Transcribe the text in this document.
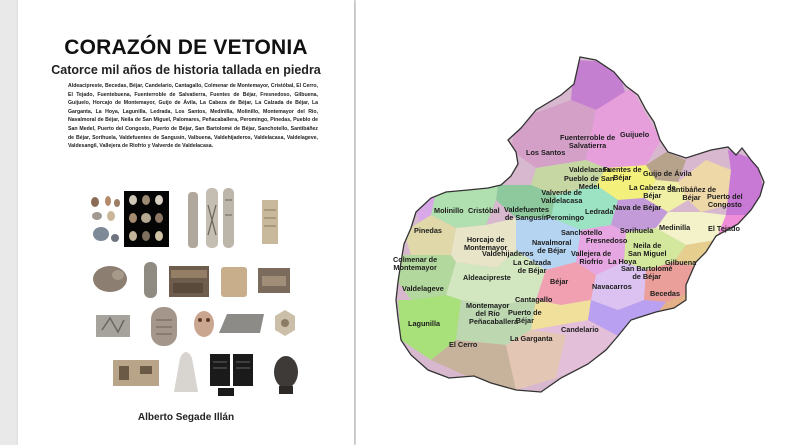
CORAZÓN DE VETONIA
Catorce mil años de historia tallada en piedra
Aldeacipreste, Becedas, Béjar, Candelario, Cantagallo, Colmenar de Montemayor, Cristóbal, El Cerro, El Tejado, Fuentebuena, Fuenterroble de Salvatierra, Fuentes de Béjar, Fresnedoso, Gilbuena, Guijuelo, Horcajo de Montemayor, Guijo de Ávila, La Cabeza de Béjar, La Calzada de Béjar, La Garganta, La Hoya, Lagunilla, Ledrada, Los Santos, Medinilla, Molinillo, Montemayor del Río, Navalmoral de Béjar, Neila de San Miguel, Palomares, Peñacaballera, Peromingo, Pinedas, Pueblo de San Medel, Puerto del Congosto, Puerto de Béjar, San Bartolomé de Béjar, Sanchotello, Santibáñez de Béjar, Sorihuela, Valdefuentes de Sangusín, Valbuena, Valdehijaderos, Valdelacasa, Valdelageve, Valdesangil, Vallejera de Riofrío y Valverde de Valdelacasa.
Alberto Segade Illán
Fuenterroble de
Salvatierra
Guijuelo
Los Santos
Valdelacasa
Fuentes de
Béjar
Pueblo de San
Medel
Guijo de Ávila
La Cabeza de
Béjar
Santibáñez de
Béjar
Valverde de
Valdelacasa
Molinillo Cristóbal Valdefuentes
de Sangusín
Peromingo
Ledrada Nava de Béjar
Puerto del
Congosto
Pinedas
Horcajo de
Montemayor
Sanchotello
Fresnedoso
Sorihuela Medinilla El Tejado
Navalmoral
de Béjar
Neila de
San Miguel
Colmenar de
Montemayor
Valdehijaderos
La Calzada
de Béjar
Vallejera de
Riofrío La Hoya
San Bartolomé
de Béjar
Gilbuena
Aldeacipreste
Valdelageve
Béjar
Navacarros
Becedas
Cantagallo
Montemayor
del Río
Lagunilla
Puerto de
Béjar
Peñacaballera
Candelario
El Cerro
La Garganta
